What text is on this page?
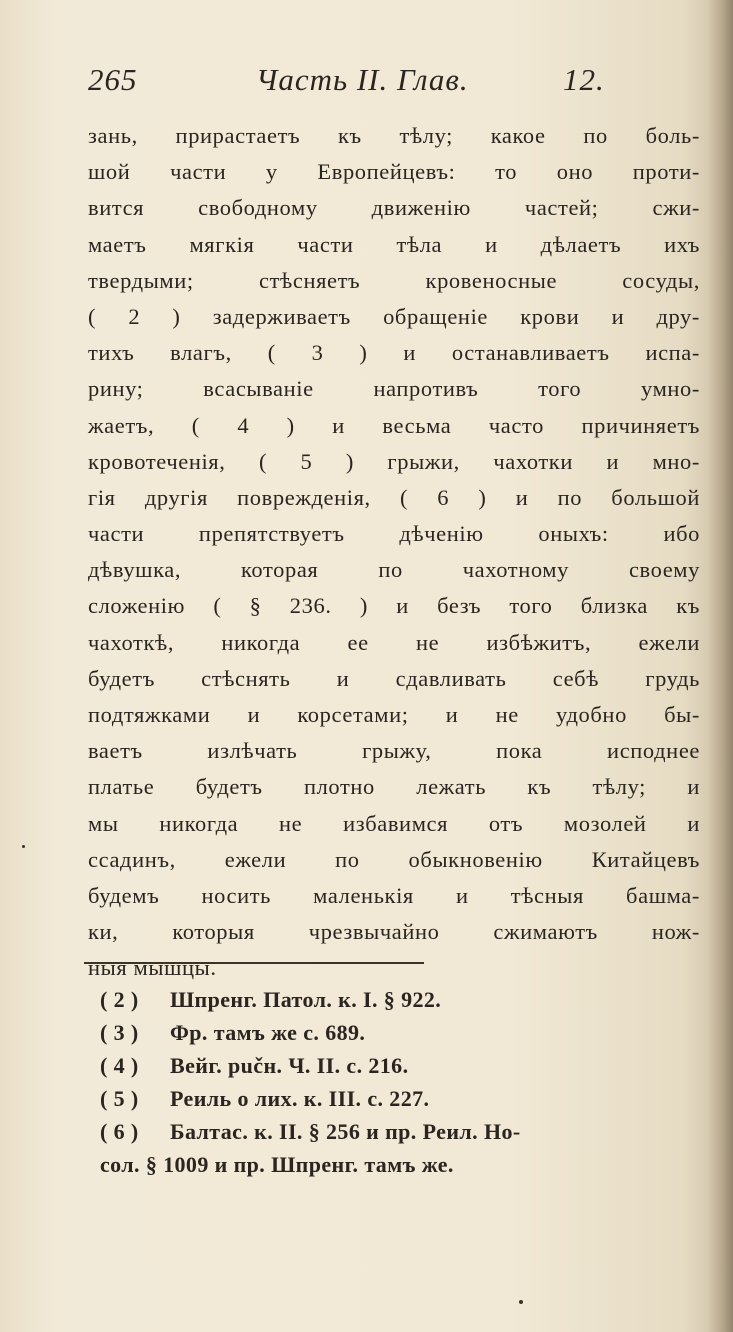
265	Часть II. Глав.	12.
зань, прирастаетъ къ тѣлу; какое по боль-
шой части у Европейцевъ: то оно проти-
вится свободному движенію частей; сжи-
маетъ мягкія части тѣла и дѣлаетъ ихъ
твердыми; стѣсняетъ кровеносные сосуды,
( 2 ) задерживаетъ обращеніе крови и дру-
тихъ влагъ, ( 3 ) и останавливаетъ испа-
рину; всасываніе напротивъ того умно-
жаетъ, ( 4 ) и весьма часто причиняетъ
кровотеченія, ( 5 ) грыжи, чахотки и мно-
гія другія поврежденія, ( 6 ) и по большой
части препятствуетъ дѣченію оныхъ: ибо
дѣвушка, которая по чахотному своему
сложенію ( § 236. ) и безъ того близка къ
чахоткѣ, никогда ее не избѣжитъ, ежели
будетъ стѣснять и сдавливать себѣ грудь
подтяжками и корсетами; и не удобно бы-
ваетъ излѣчать грыжу, пока исподнее
платье будетъ плотно лежать къ тѣлу; и
мы никогда не избавимся отъ мозолей и
ссадинъ, ежели по обыкновенію Китайцевъ
будемъ носить маленькія и тѣсныя башма-
ки, которыя чрезвычайно сжимаютъ нож-
ныя мышцы.
( 2 ) Шпренг. Патол. к. I. § 922.
( 3 ) Фр. тамъ же с. 689.
( 4 ) Вейг. рučн. Ч. II. с. 216.
( 5 ) Реиль о лих. к. III. с. 227.
( 6 ) Балтас. к. II. § 256 и пр. Реил. Но-
сол. § 1009 и пр. Шпренг. тамъ же.
